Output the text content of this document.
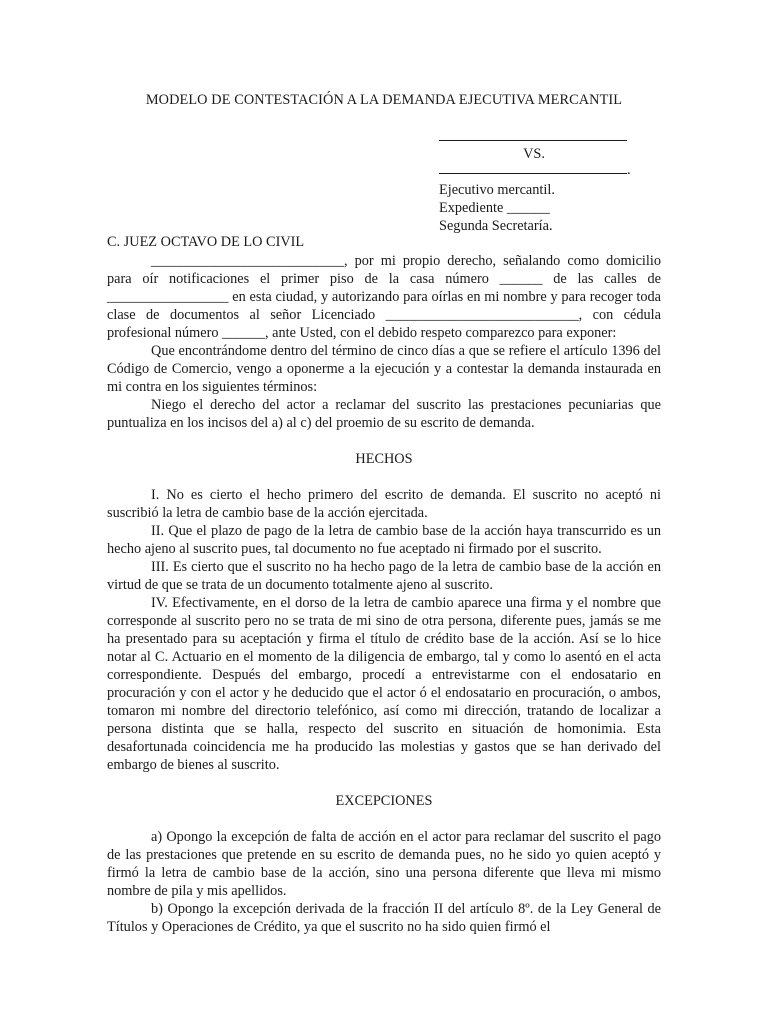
MODELO DE CONTESTACIÓN A LA DEMANDA EJECUTIVA MERCANTIL
VS.
.
Ejecutivo mercantil.
Expediente ______
Segunda Secretaría.
C. JUEZ OCTAVO DE LO CIVIL

___________________________, por mi propio derecho, señalando como domicilio para oír notificaciones el primer piso de la casa número ______ de las calles de _________________ en esta ciudad, y autorizando para oírlas en mi nombre y para recoger toda clase de documentos al señor Licenciado ___________________________, con cédula profesional número ______, ante Usted, con el debido respeto comparezco para exponer:

Que encontrándome dentro del término de cinco días a que se refiere el artículo 1396 del Código de Comercio, vengo a oponerme a la ejecución y a contestar la demanda instaurada en mi contra en los siguientes términos:

Niego el derecho del actor a reclamar del suscrito las prestaciones pecuniarias que puntualiza en los incisos del a) al c) del proemio de su escrito de demanda.

HECHOS

I. No es cierto el hecho primero del escrito de demanda. El suscrito no aceptó ni suscribió la letra de cambio base de la acción ejercitada.

II. Que el plazo de pago de la letra de cambio base de la acción haya transcurrido es un hecho ajeno al suscrito pues, tal documento no fue aceptado ni firmado por el suscrito.

III. Es cierto que el suscrito no ha hecho pago de la letra de cambio base de la acción en virtud de que se trata de un documento totalmente ajeno al suscrito.

IV. Efectivamente, en el dorso de la letra de cambio aparece una firma y el nombre que corresponde al suscrito pero no se trata de mi sino de otra persona, diferente pues, jamás se me ha presentado para su aceptación y firma el título de crédito base de la acción. Así se lo hice notar al C. Actuario en el momento de la diligencia de embargo, tal y como lo asentó en el acta correspondiente. Después del embargo, procedí a entrevistarme con el endosatario en procuración y con el actor y he deducido que el actor ó el endosatario en procuración, o ambos, tomaron mi nombre del directorio telefónico, así como mi dirección, tratando de localizar a persona distinta que se halla, respecto del suscrito en situación de homonimia. Esta desafortunada coincidencia me ha producido las molestias y gastos que se han derivado del embargo de bienes al suscrito.

EXCEPCIONES

a) Opongo la excepción de falta de acción en el actor para reclamar del suscrito el pago de las prestaciones que pretende en su escrito de demanda pues, no he sido yo quien aceptó y firmó la letra de cambio base de la acción, sino una persona diferente que lleva mi mismo nombre de pila y mis apellidos.

b) Opongo la excepción derivada de la fracción II del artículo 8º. de la Ley General de Títulos y Operaciones de Crédito, ya que el suscrito no ha sido quien firmó el
